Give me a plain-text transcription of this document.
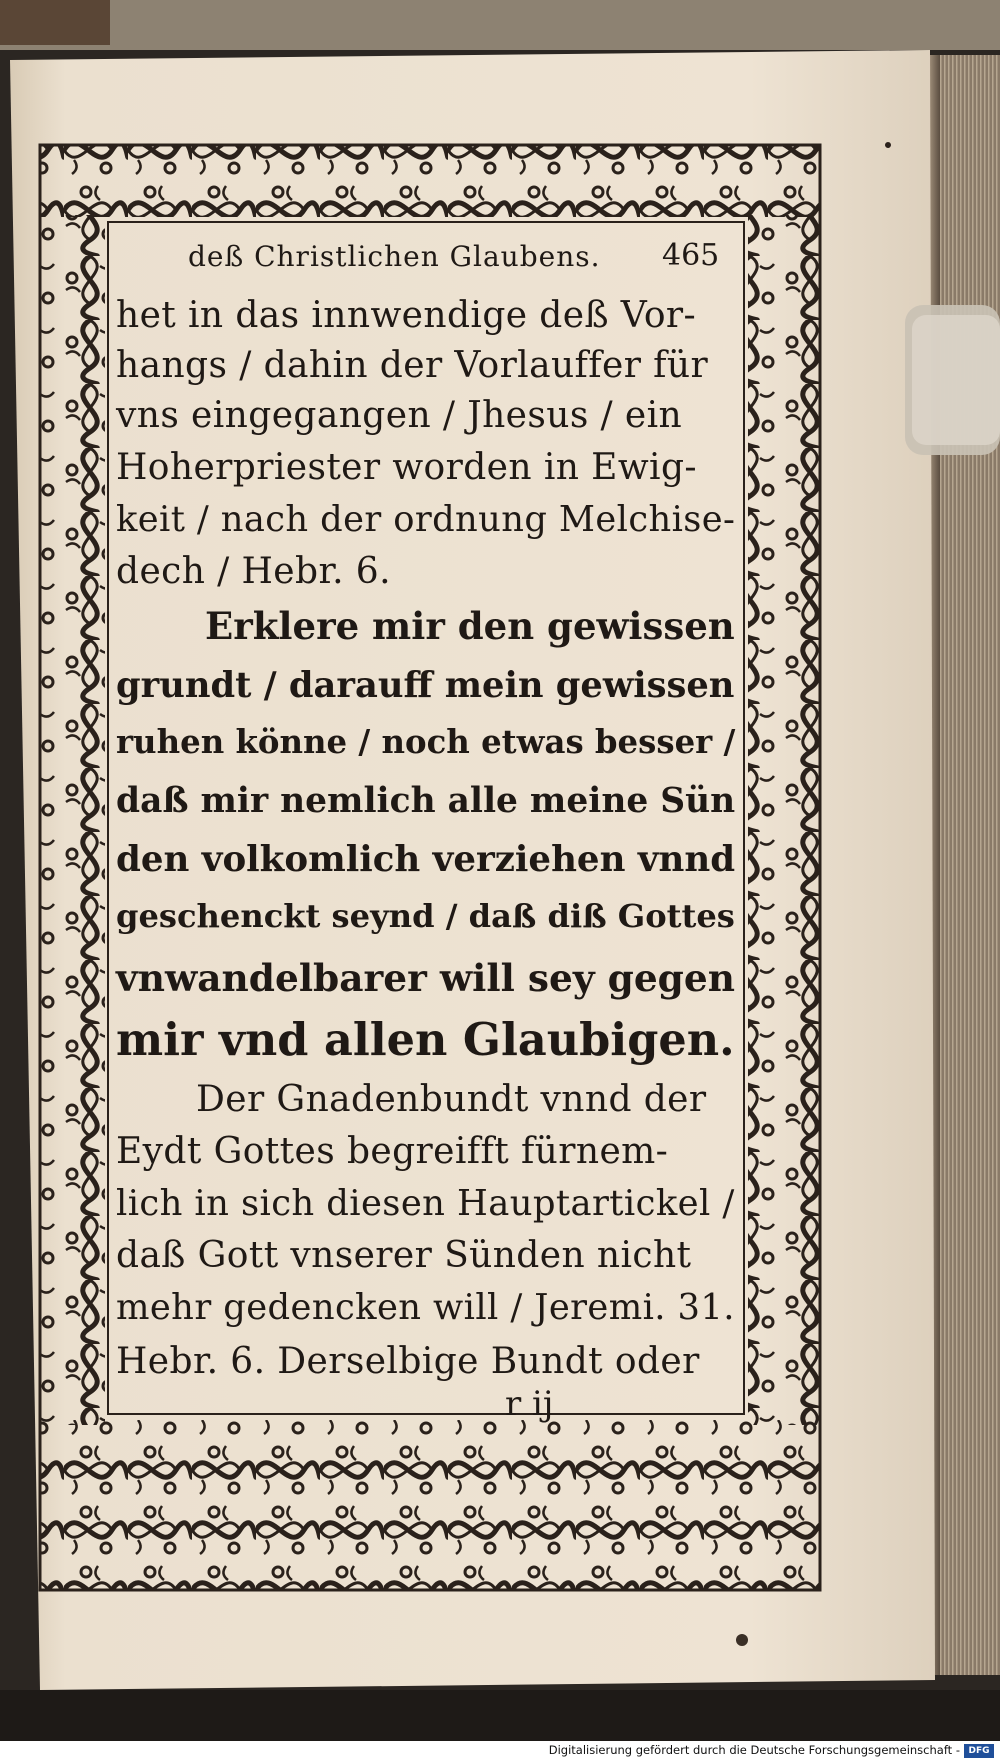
deß Christlichen Glaubens. 465

het in das innwendige deß Vor-

hangs / dahin der Vorlauffer für

vns eingegangen / Jhesus / ein

Hoherpriester worden in Ewig-

keit / nach der ordnung Melchise-

dech / Hebr. 6.

Erklere mir den gewissen

grundt / darauff mein gewissen

ruhen könne / noch etwas besser /

daß mir nemlich alle meine Sün

den volkomlich verziehen vnnd

geschenckt seynd / daß diß Gottes

vnwandelbarer will sey gegen

mir vnd allen Glaubigen.

Der Gnadenbundt vnnd der

Eydt Gottes begreifft fürnem-

lich in sich diesen Hauptartickel /

daß Gott vnserer Sünden nicht

mehr gedencken will / Jeremi. 31.

Hebr. 6. Derselbige Bundt oder

r ij

Digitalisierung gefördert durch die Deutsche Forschungsgemeinschaft - DFG
